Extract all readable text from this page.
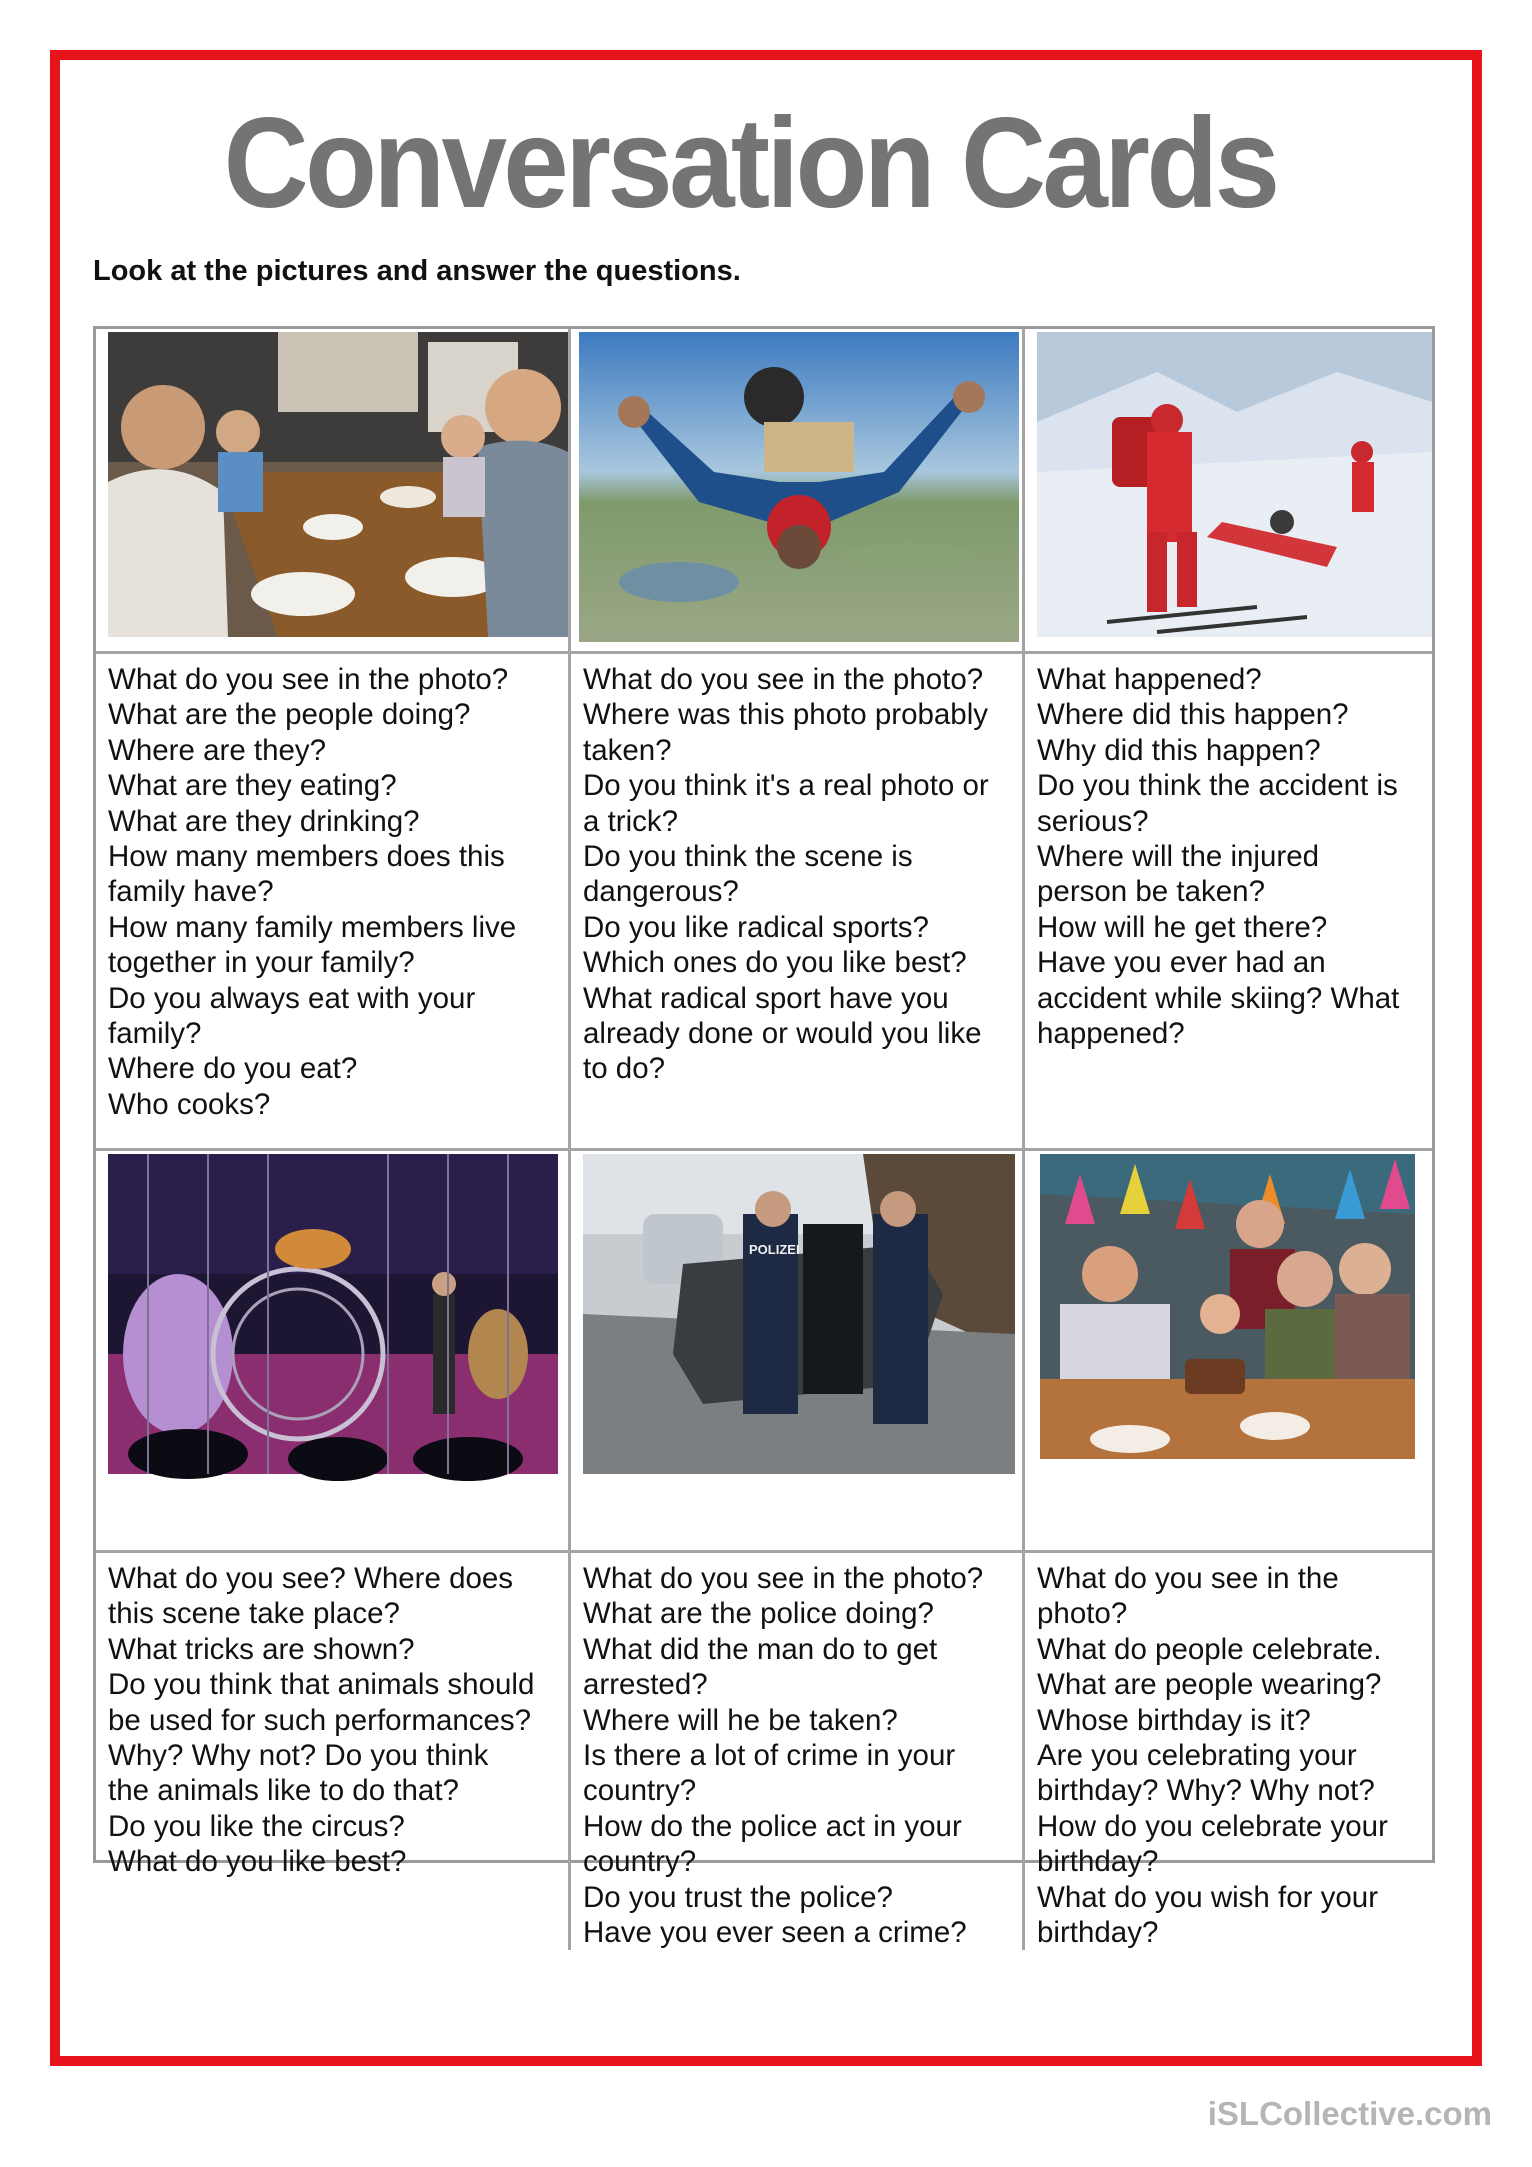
Conversation Cards
Look at the pictures and answer the questions.
What do you see in the photo?
What are the people doing?
Where are they?
What are they eating?
What are they drinking?
How many members does this
family have?
How many family members live
together in your family?
Do you always eat with your
family?
Where do you eat?
Who cooks?
What do you see in the photo?
Where was this photo probably
taken?
Do you think it's a real photo or
a trick?
Do you think the scene is
dangerous?
Do you like radical sports?
Which ones do you like best?
What radical sport have you
already done or would you like
to do?
What happened?
Where did this happen?
Why did this happen?
Do you think the accident is
serious?
Where will the injured
person be taken?
How will he get there?
Have you ever had an
accident while skiing? What
happened?
POLIZEI
What do you see? Where does
this scene take place?
What tricks are shown?
Do you think that animals should
be used for such performances?
Why? Why not? Do you think
the animals like to do that?
Do you like the circus?
What do you like best?
What do you see in the photo?
What are the police doing?
What did the man do to get
arrested?
Where will he be taken?
Is there a lot of crime in your
country?
How do the police act in your
country?
Do you trust the police?
Have you ever seen a crime?
What do you see in the
photo?
What do people celebrate.
What are people wearing?
Whose birthday is it?
Are you celebrating your
birthday? Why? Why not?
How do you celebrate your
birthday?
What do you wish for your
birthday?
iSLCollective.com
